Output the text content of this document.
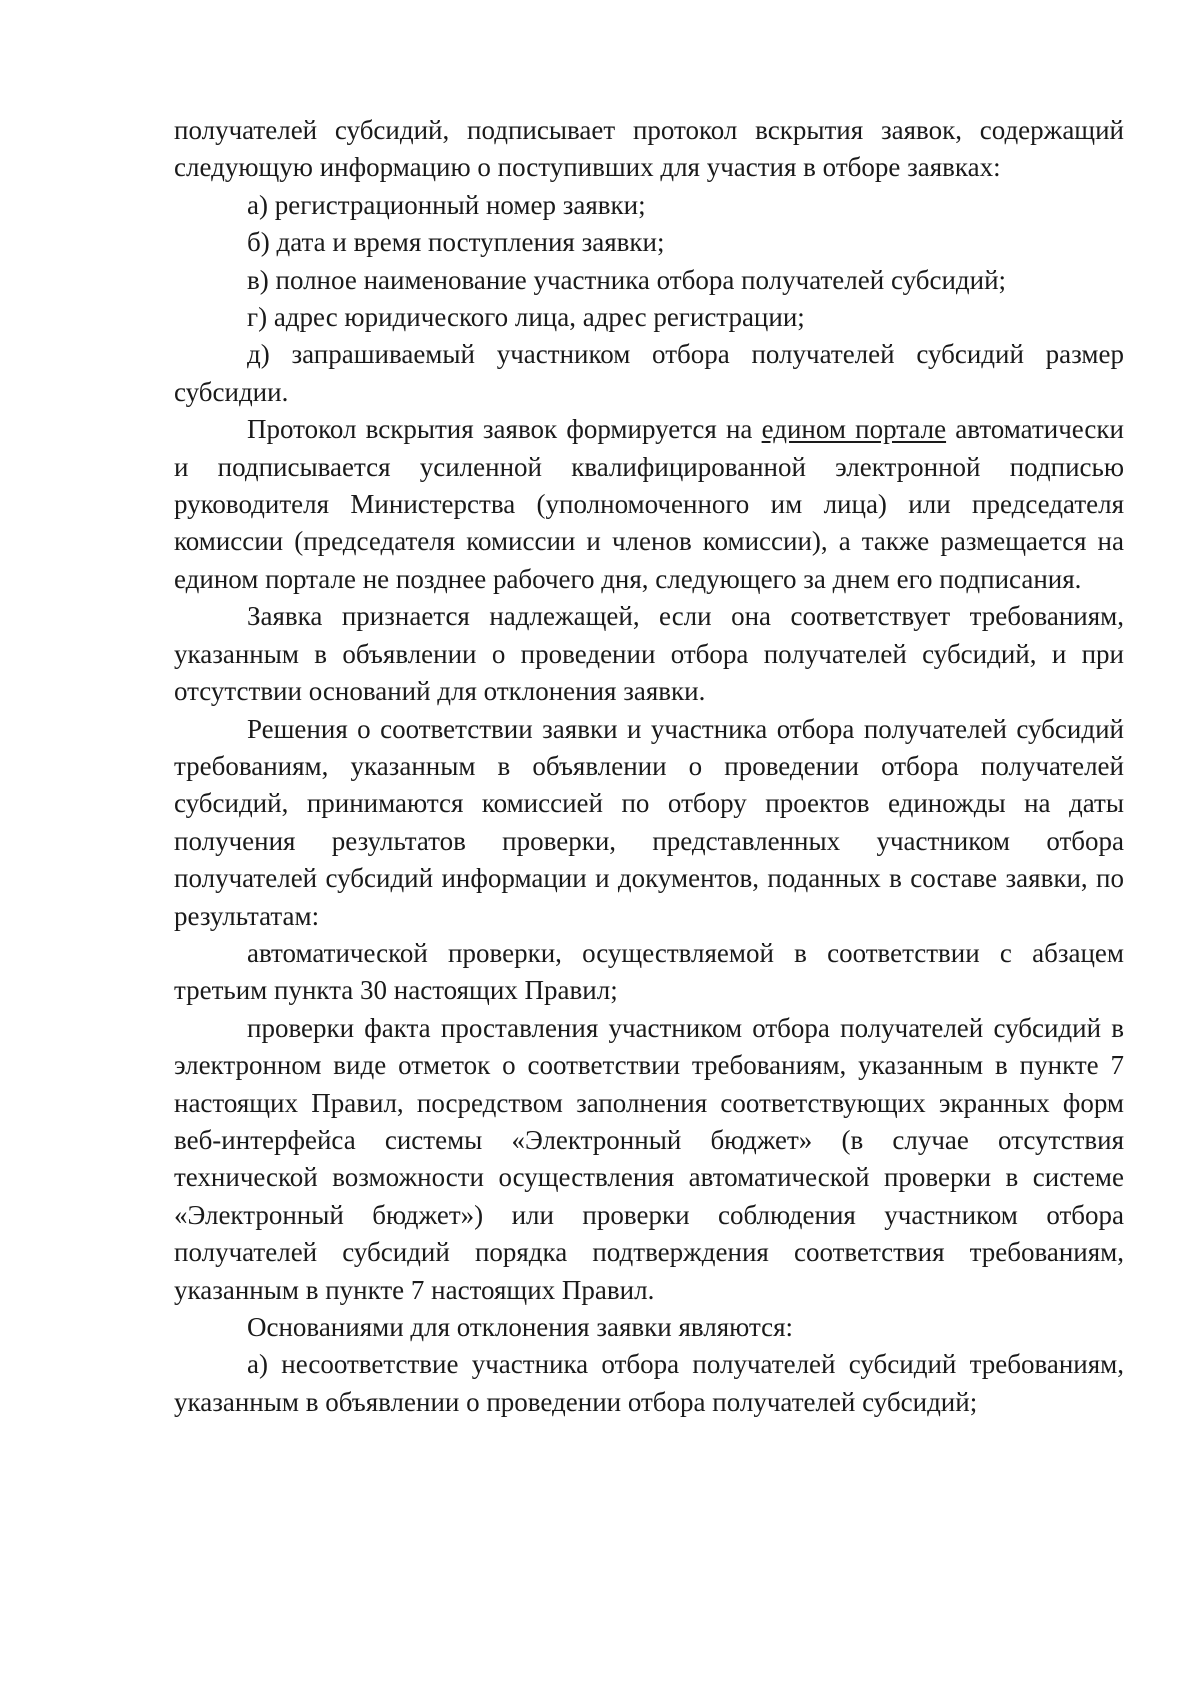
получателей субсидий, подписывает протокол вскрытия заявок, содержащий следующую информацию о поступивших для участия в отборе заявках:

а) регистрационный номер заявки;

б) дата и время поступления заявки;

в) полное наименование участника отбора получателей субсидий;

г) адрес юридического лица, адрес регистрации;

д) запрашиваемый участником отбора получателей субсидий размер субсидии.

Протокол вскрытия заявок формируется на едином портале автоматически и подписывается усиленной квалифицированной электронной подписью руководителя Министерства (уполномоченного им лица) или председателя комиссии (председателя комиссии и членов комиссии), а также размещается на едином портале не позднее рабочего дня, следующего за днем его подписания.

Заявка признается надлежащей, если она соответствует требованиям, указанным в объявлении о проведении отбора получателей субсидий, и при отсутствии оснований для отклонения заявки.

Решения о соответствии заявки и участника отбора получателей субсидий требованиям, указанным в объявлении о проведении отбора получателей субсидий, принимаются комиссией по отбору проектов единожды на даты получения результатов проверки, представленных участником отбора получателей субсидий информации и документов, поданных в составе заявки, по результатам:

автоматической проверки, осуществляемой в соответствии с абзацем третьим пункта 30 настоящих Правил;

проверки факта проставления участником отбора получателей субсидий в электронном виде отметок о соответствии требованиям, указанным в пункте 7 настоящих Правил, посредством заполнения соответствующих экранных форм веб-интерфейса системы «Электронный бюджет» (в случае отсутствия технической возможности осуществления автоматической проверки в системе «Электронный бюджет») или проверки соблюдения участником отбора получателей субсидий порядка подтверждения соответствия требованиям, указанным в пункте 7 настоящих Правил.

Основаниями для отклонения заявки являются:

а) несоответствие участника отбора получателей субсидий требованиям, указанным в объявлении о проведении отбора получателей субсидий;
